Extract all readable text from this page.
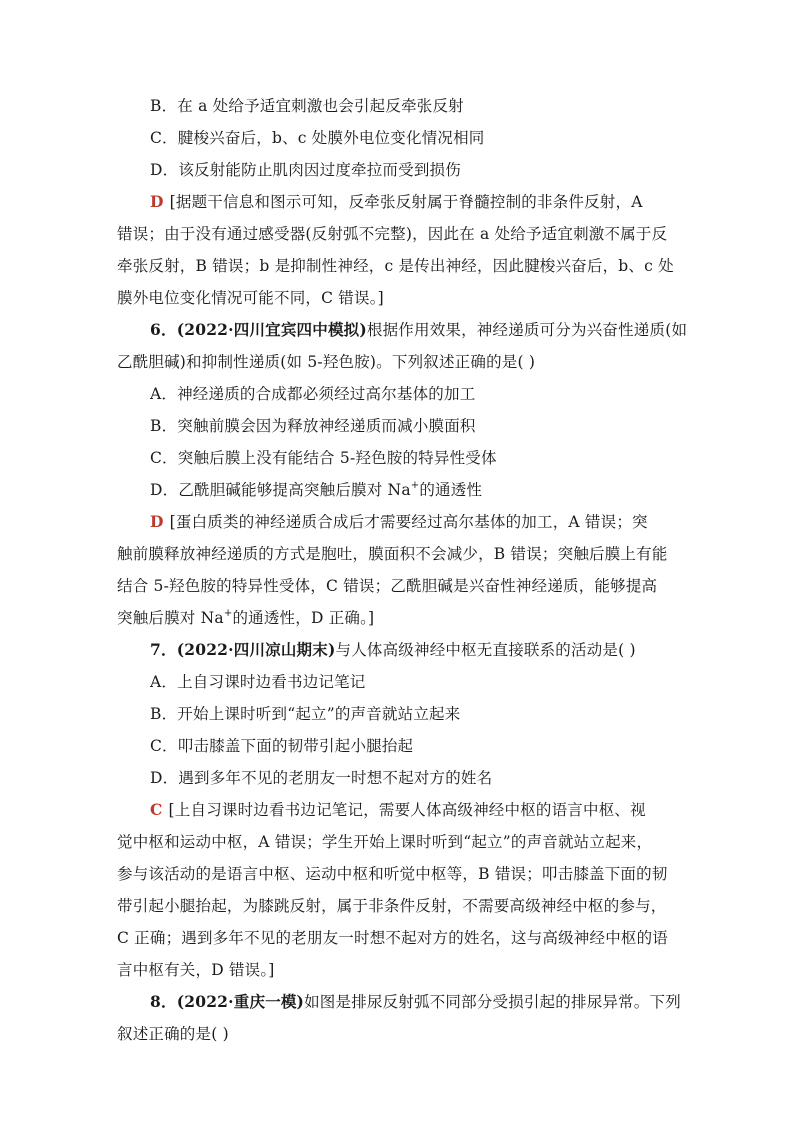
B．在 a 处给予适宜刺激也会引起反牵张反射
C．腱梭兴奋后，b、c 处膜外电位变化情况相同
D．该反射能防止肌肉因过度牵拉而受到损伤
D [据题干信息和图示可知，反牵张反射属于脊髓控制的非条件反射，A
错误；由于没有通过感受器(反射弧不完整)，因此在 a 处给予适宜刺激不属于反
牵张反射，B 错误；b 是抑制性神经，c 是传出神经，因此腱梭兴奋后，b、c 处
膜外电位变化情况可能不同，C 错误。]
6．(2022·四川宜宾四中模拟)根据作用效果，神经递质可分为兴奋性递质(如
乙酰胆碱)和抑制性递质(如 5-羟色胺)。下列叙述正确的是( )
A．神经递质的合成都必须经过高尔基体的加工
B．突触前膜会因为释放神经递质而减小膜面积
C．突触后膜上没有能结合 5-羟色胺的特异性受体
D．乙酰胆碱能够提高突触后膜对 Na+的通透性
D [蛋白质类的神经递质合成后才需要经过高尔基体的加工，A 错误；突
触前膜释放神经递质的方式是胞吐，膜面积不会减少，B 错误；突触后膜上有能
结合 5-羟色胺的特异性受体，C 错误；乙酰胆碱是兴奋性神经递质，能够提高
突触后膜对 Na+的通透性，D 正确。]
7．(2022·四川凉山期末)与人体高级神经中枢无直接联系的活动是( )
A．上自习课时边看书边记笔记
B．开始上课时听到“起立”的声音就站立起来
C．叩击膝盖下面的韧带引起小腿抬起
D．遇到多年不见的老朋友一时想不起对方的姓名
C [上自习课时边看书边记笔记，需要人体高级神经中枢的语言中枢、视
觉中枢和运动中枢，A 错误；学生开始上课时听到“起立”的声音就站立起来，
参与该活动的是语言中枢、运动中枢和听觉中枢等，B 错误；叩击膝盖下面的韧
带引起小腿抬起，为膝跳反射，属于非条件反射，不需要高级神经中枢的参与，
C 正确；遇到多年不见的老朋友一时想不起对方的姓名，这与高级神经中枢的语
言中枢有关，D 错误。]
8．(2022·重庆一模)如图是排尿反射弧不同部分受损引起的排尿异常。下列
叙述正确的是( )
